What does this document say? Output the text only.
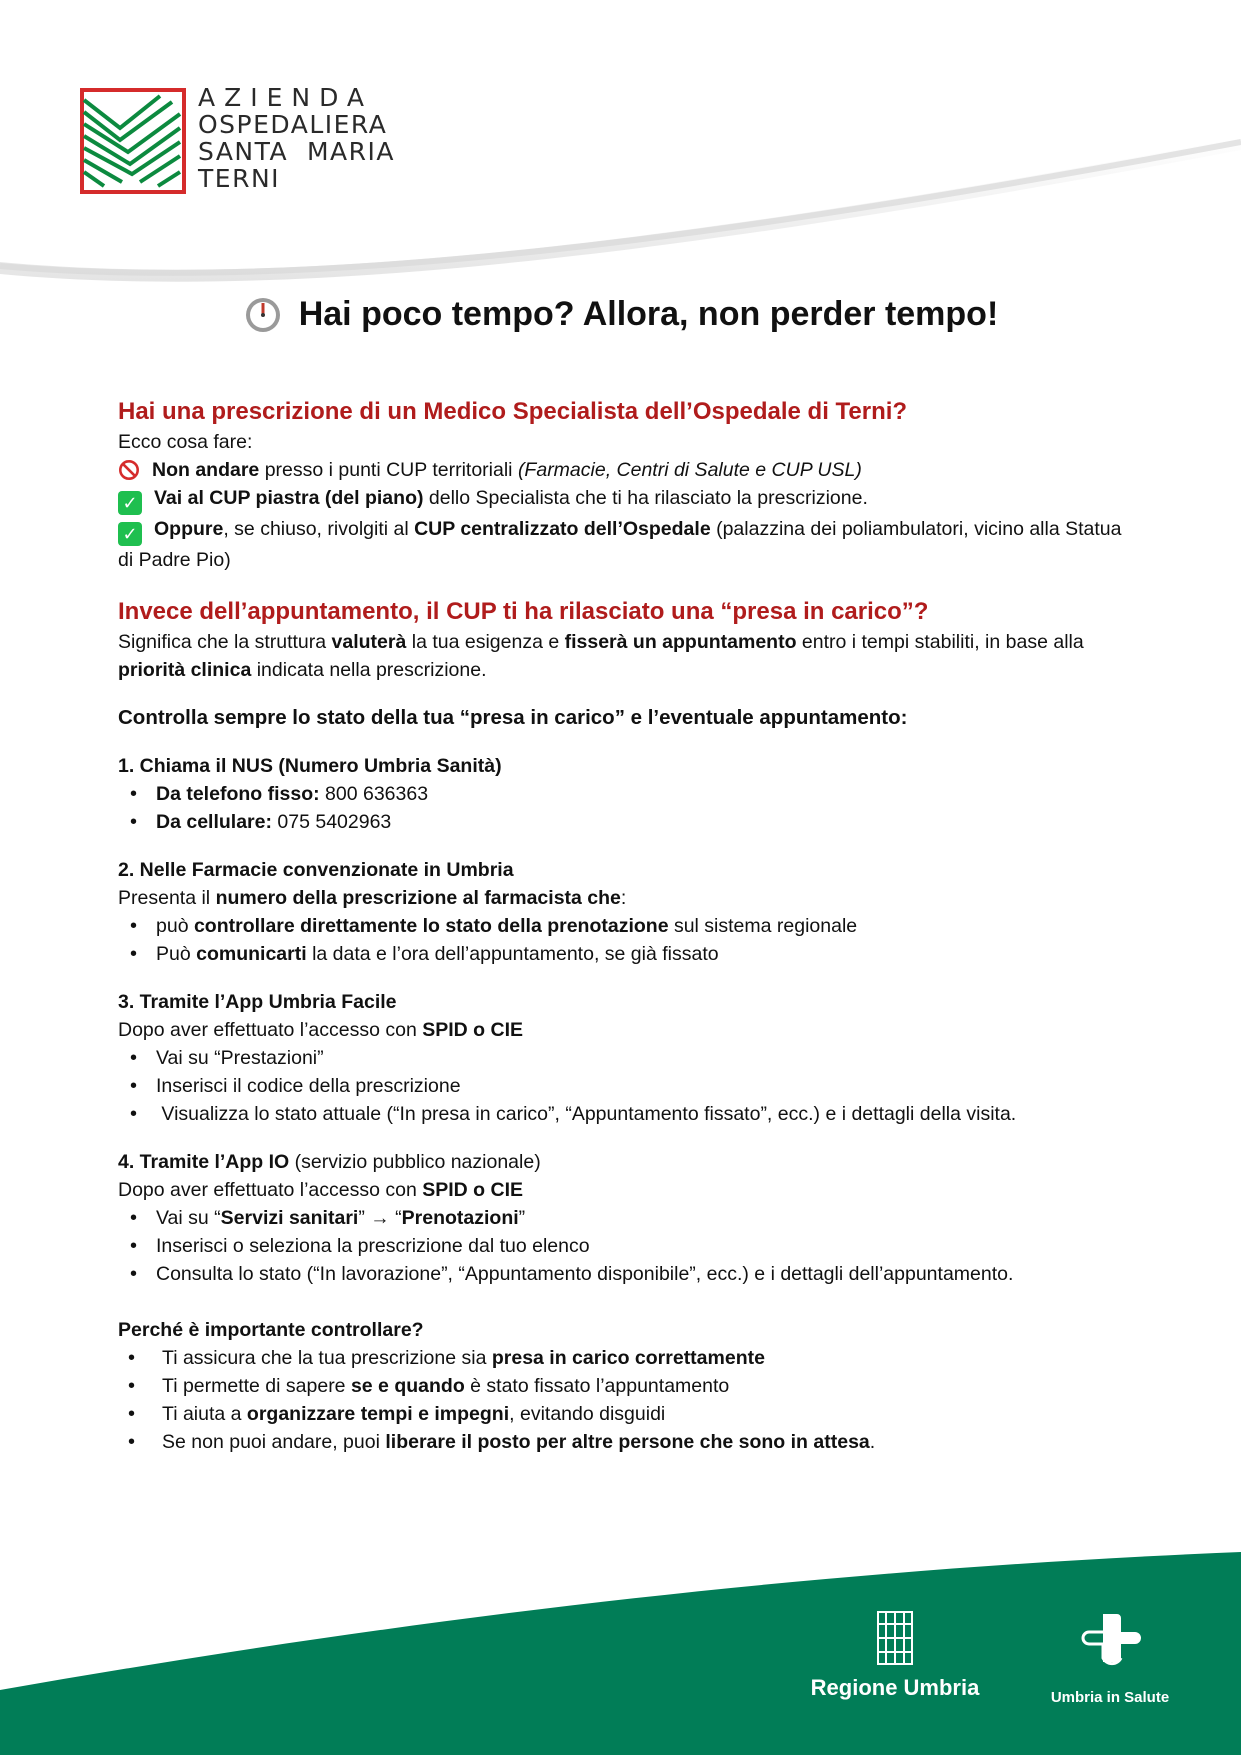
AZIENDA
OSPEDALIERA
SANTA  MARIA
TERNI
Hai poco tempo? Allora, non perder tempo!
Hai una prescrizione di un Medico Specialista dell’Ospedale di Terni?
Ecco cosa fare:
Non andare presso i punti CUP territoriali (Farmacie, Centri di Salute e CUP USL)
✓ Vai al CUP piastra (del piano) dello Specialista che ti ha rilasciato la prescrizione.
✓ Oppure, se chiuso, rivolgiti al CUP centralizzato dell’Ospedale (palazzina dei poliambulatori, vicino alla Statua di Padre Pio)
Invece dell’appuntamento, il CUP ti ha rilasciato una “presa in carico”?
Significa che la struttura valuterà la tua esigenza e fisserà un appuntamento entro i tempi stabiliti, in base alla priorità clinica indicata nella prescrizione.
Controlla sempre lo stato della tua “presa in carico” e l’eventuale appuntamento:
1. Chiama il NUS (Numero Umbria Sanità)
• Da telefono fisso: 800 636363
• Da cellulare: 075 5402963
2. Nelle Farmacie convenzionate in Umbria
Presenta il numero della prescrizione al farmacista che:
• può controllare direttamente lo stato della prenotazione sul sistema regionale
• Può comunicarti la data e l’ora dell’appuntamento, se già fissato
3. Tramite l’App Umbria Facile
Dopo aver effettuato l’accesso con SPID o CIE
• Vai su “Prestazioni”
• Inserisci il codice della prescrizione
•  Visualizza lo stato attuale (“In presa in carico”, “Appuntamento fissato”, ecc.) e i dettagli della visita.
4. Tramite l’App IO (servizio pubblico nazionale)
Dopo aver effettuato l’accesso con SPID o CIE
• Vai su “Servizi sanitari” → “Prenotazioni”
• Inserisci o seleziona la prescrizione dal tuo elenco
• Consulta lo stato (“In lavorazione”, “Appuntamento disponibile”, ecc.) e i dettagli dell’appuntamento.
Perché è importante controllare?
• Ti assicura che la tua prescrizione sia presa in carico correttamente
• Ti permette di sapere se e quando è stato fissato l’appuntamento
• Ti aiuta a organizzare tempi e impegni, evitando disguidi
• Se non puoi andare, puoi liberare il posto per altre persone che sono in attesa.
Regione Umbria	Umbria in Salute
